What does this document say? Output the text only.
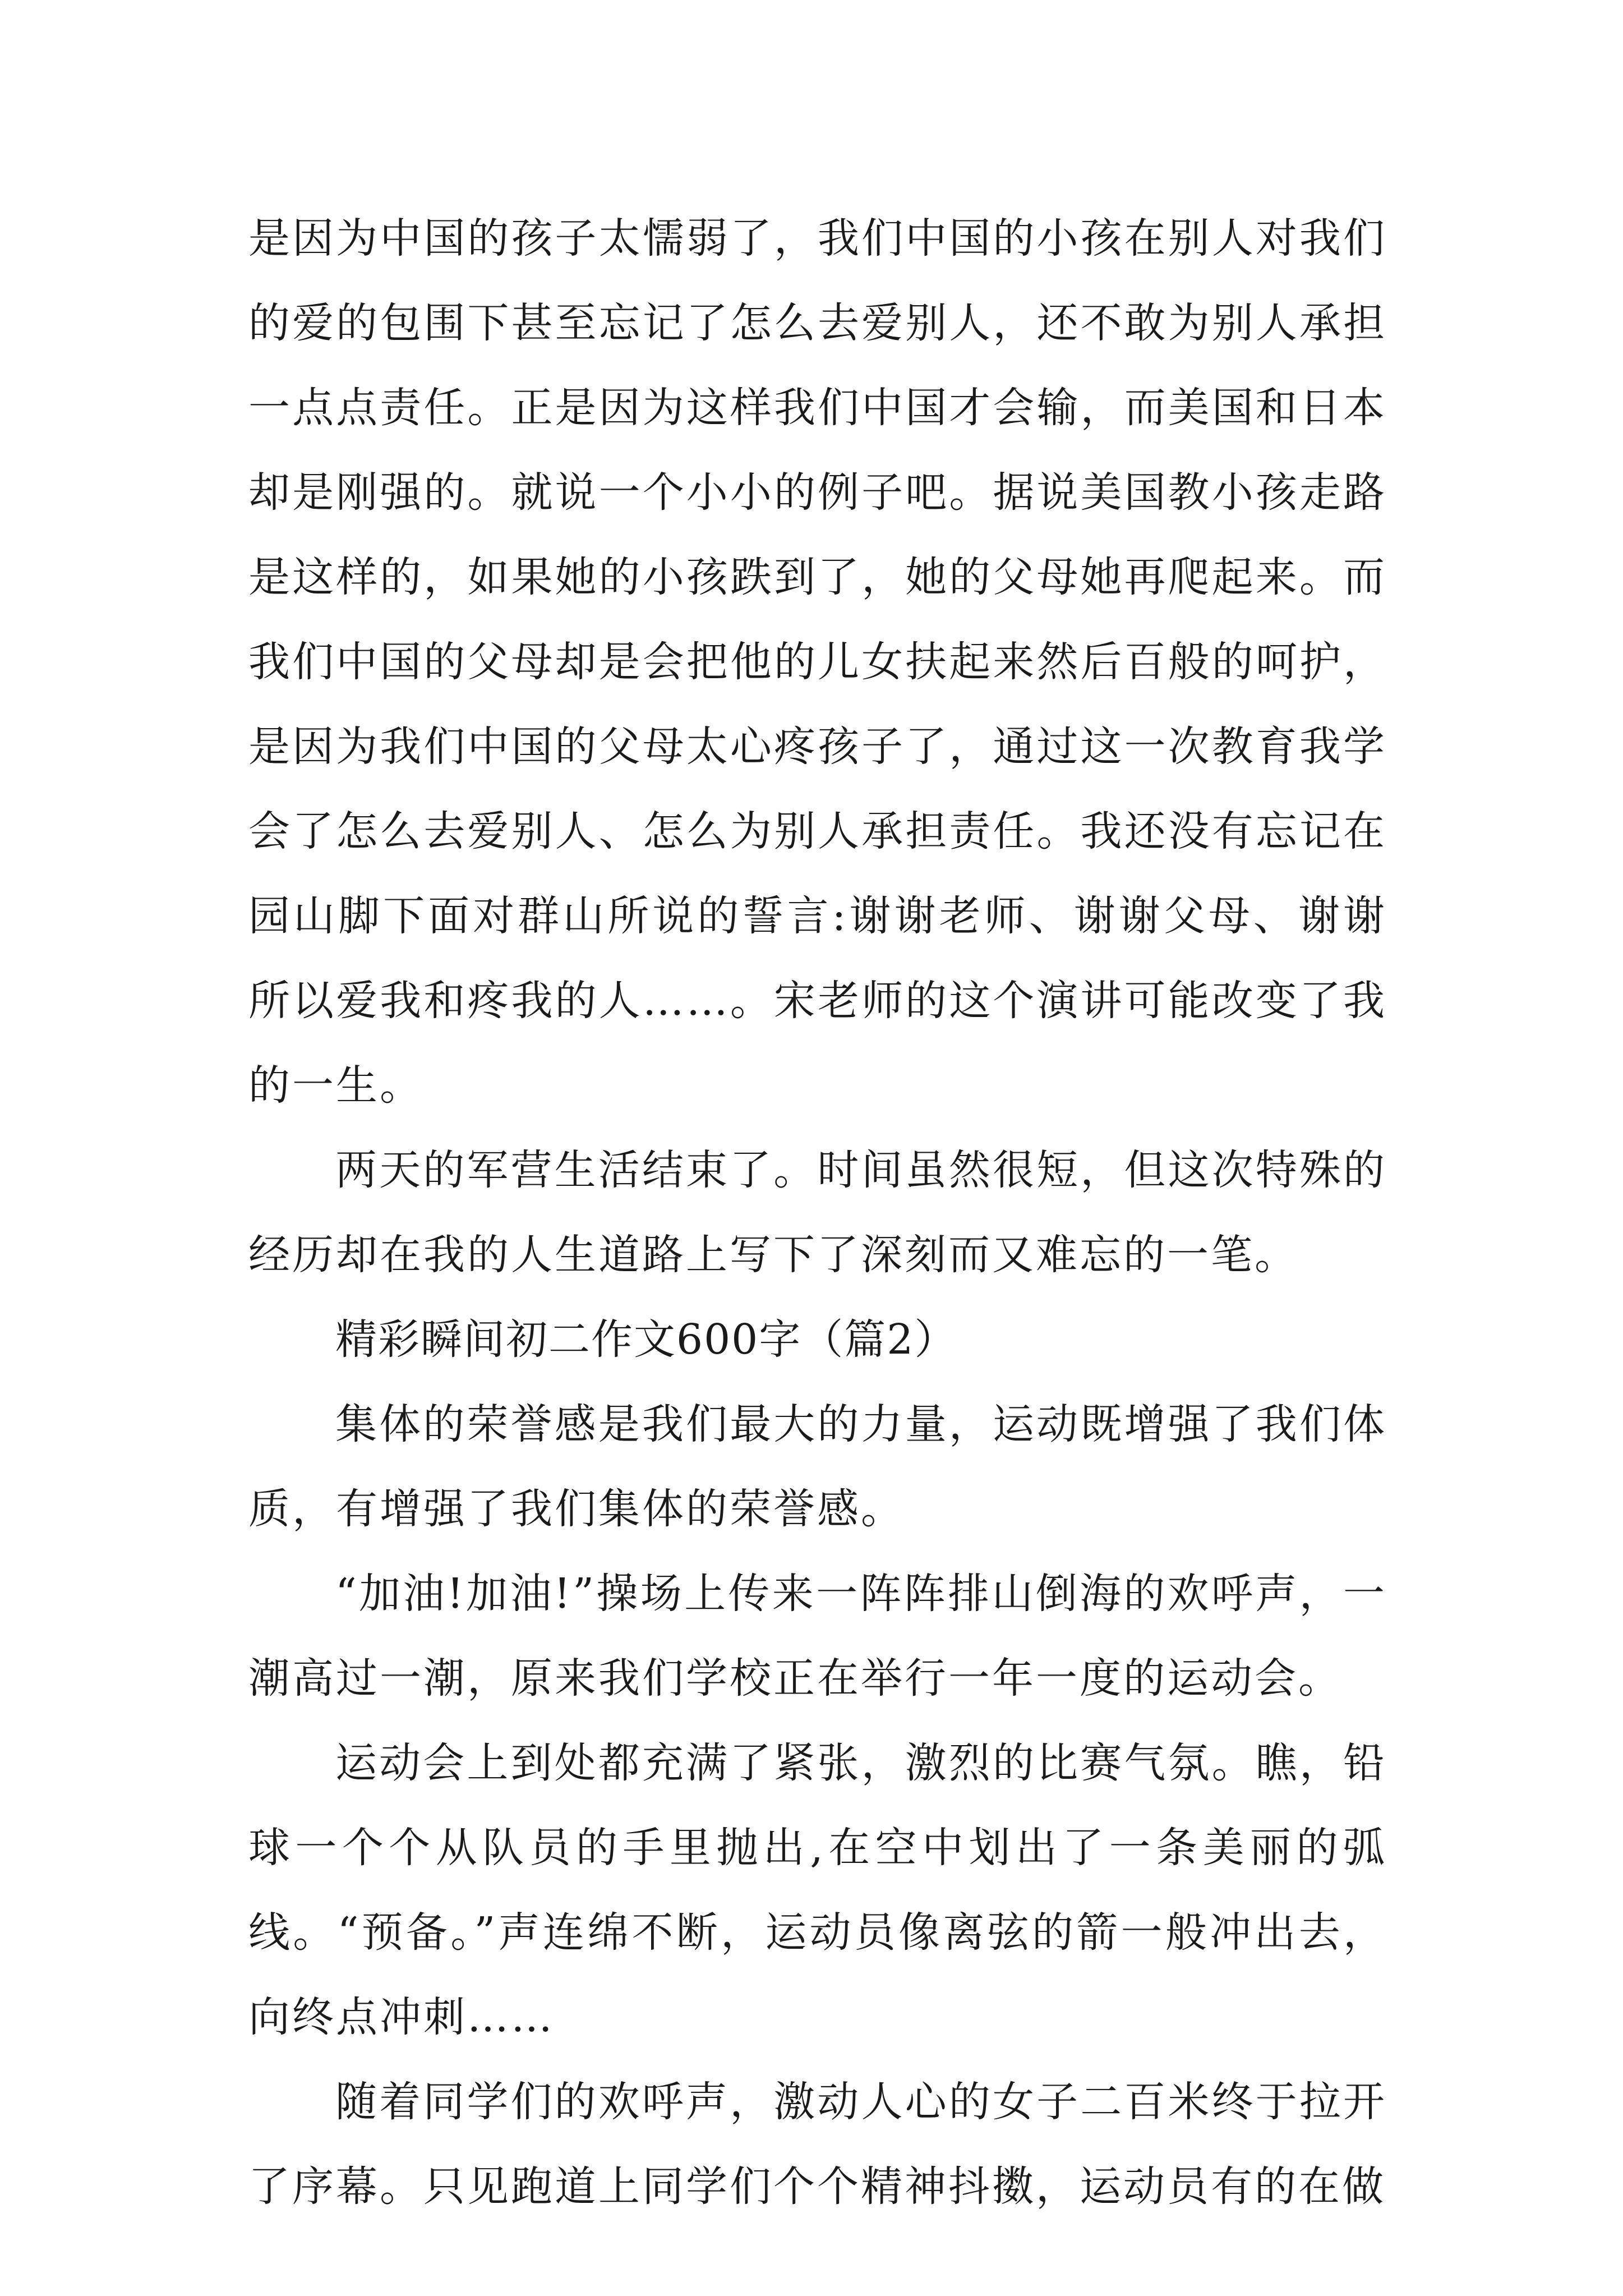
是因为中国的孩子太懦弱了，我们中国的小孩在别人对我们的爱的包围下甚至忘记了怎么去爱别人，还不敢为别人承担一点点责任。正是因为这样我们中国才会输，而美国和日本却是刚强的。就说一个小小的例子吧。据说美国教小孩走路是这样的，如果她的小孩跌到了，她的父母她再爬起来。而我们中国的父母却是会把他的儿女扶起来然后百般的呵护，是因为我们中国的父母太心疼孩子了，通过这一次教育我学会了怎么去爱别人、怎么为别人承担责任。我还没有忘记在园山脚下面对群山所说的誓言:谢谢老师、谢谢父母、谢谢所以爱我和疼我的人……。宋老师的这个演讲可能改变了我的一生。

两天的军营生活结束了。时间虽然很短，但这次特殊的经历却在我的人生道路上写下了深刻而又难忘的一笔。

精彩瞬间初二作文600字（篇2）

集体的荣誉感是我们最大的力量，运动既增强了我们体质，有增强了我们集体的荣誉感。

“加油!加油!”操场上传来一阵阵排山倒海的欢呼声，一潮高过一潮，原来我们学校正在举行一年一度的运动会。

运动会上到处都充满了紧张，激烈的比赛气氛。瞧，铅球一个个从队员的手里抛出,在空中划出了一条美丽的弧线。“预备。”声连绵不断，运动员像离弦的箭一般冲出去，向终点冲刺……

随着同学们的欢呼声，激动人心的女子二百米终于拉开了序幕。只见跑道上同学们个个精神抖擞，运动员有的在做
